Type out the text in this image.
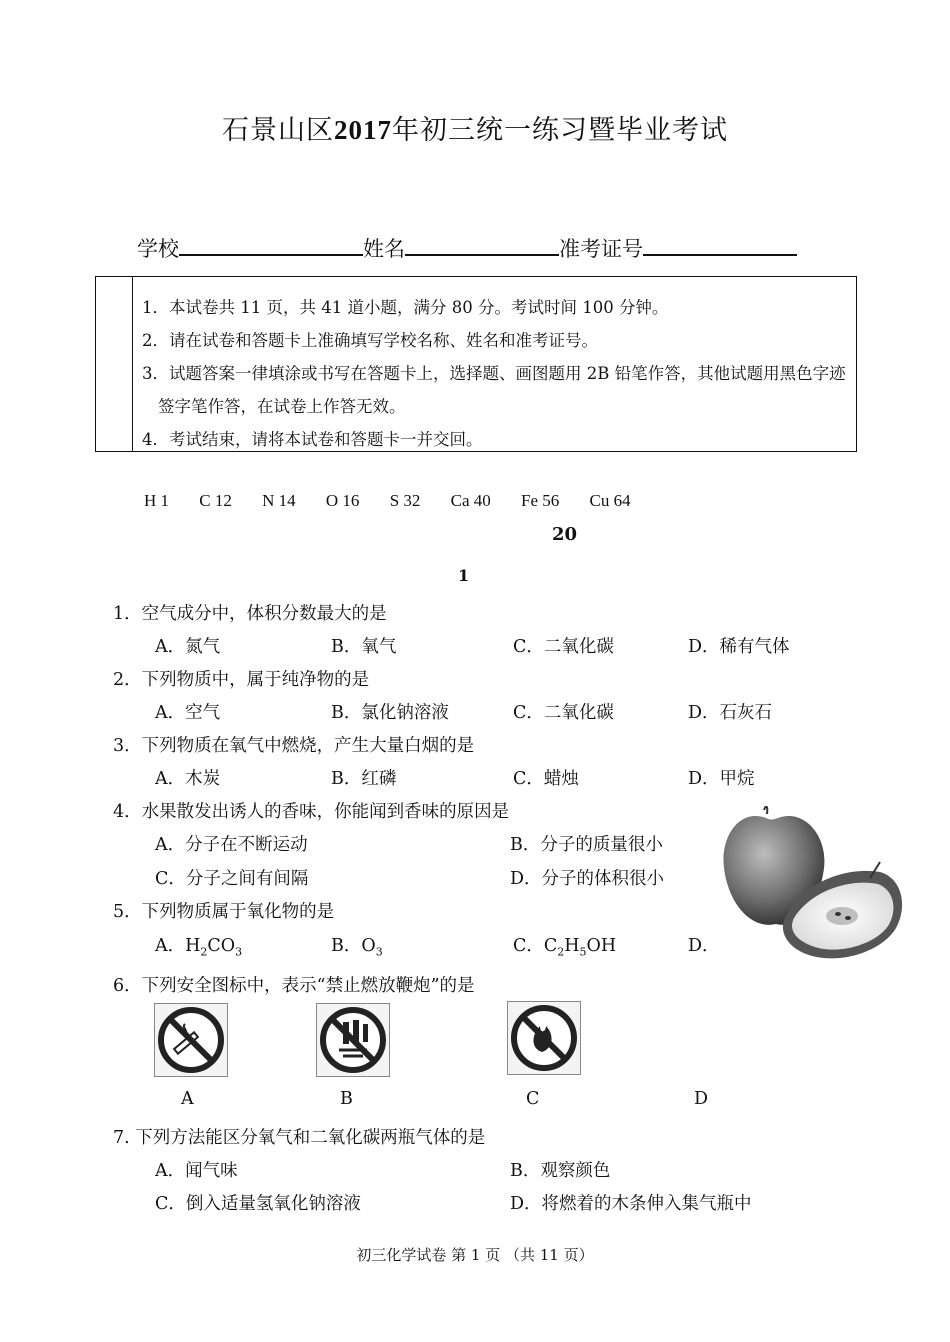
石景山区2017年初三统一练习暨毕业考试
学校	姓名	准考证号
1．本试卷共 11 页，共 41 道小题，满分 80 分。考试时间 100 分钟。
2．请在试卷和答题卡上准确填写学校名称、姓名和准考证号。
3．试题答案一律填涂或书写在答题卡上，选择题、画图题用 2B 铅笔作答，其他试题用黑色字迹签字笔作答，在试卷上作答无效。
4．考试结束，请将本试卷和答题卡一并交回。
H 1 C 12 N 14 O 16 S 32 Ca 40 Fe 56 Cu 64
20
1
1．空气成分中，体积分数最大的是
A．氮气	B．氧气	C．二氧化碳	D．稀有气体
2．下列物质中，属于纯净物的是
A．空气	B．氯化钠溶液	C．二氧化碳	D．石灰石
3．下列物质在氧气中燃烧，产生大量白烟的是
A．木炭	B．红磷	C．蜡烛	D．甲烷
4．水果散发出诱人的香味，你能闻到香味的原因是
A．分子在不断运动	B．分子的质量很小
C．分子之间有间隔	D．分子的体积很小
5．下列物质属于氧化物的是
A．$H_2CO_3$	B．$O_3$	C．$C_2H_5OH$	D．
6．下列安全图标中，表示“禁止燃放鞭炮”的是
A	B	C	D
7. 下列方法能区分氧气和二氧化碳两瓶气体的是
A．闻气味	B．观察颜色
C．倒入适量氢氧化钠溶液	D．将燃着的木条伸入集气瓶中
初三化学试卷 第 1 页 （共 11 页）
